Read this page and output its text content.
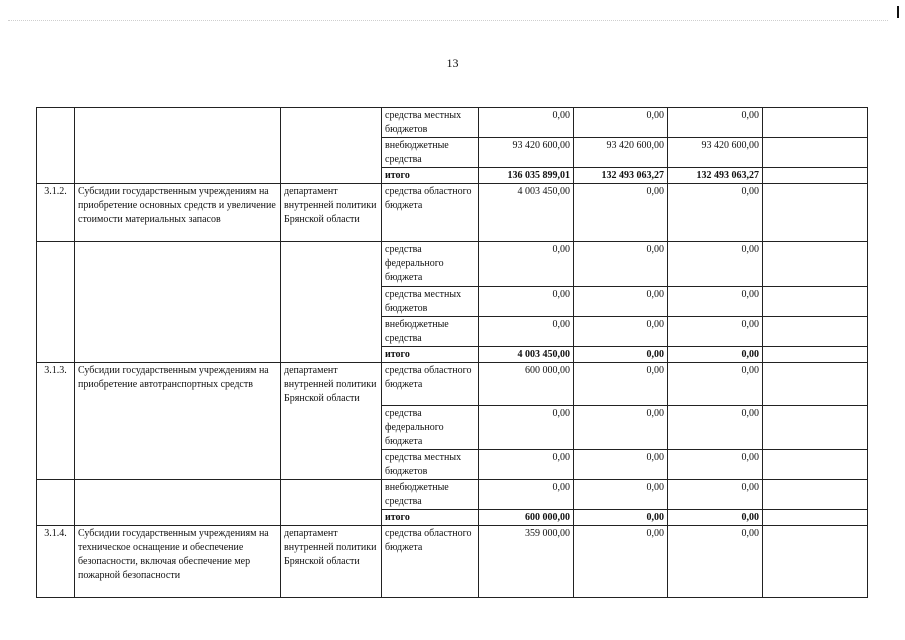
13
			средства местных бюджетов	0,00	0,00	0,00	
			внебюджетные средства	93 420 600,00	93 420 600,00	93 420 600,00	
			итого	136 035 899,01	132 493 063,27	132 493 063,27	
3.1.2.	Субсидии государственным учреждениям на приобретение основных средств и увеличение стоимости материальных запасов	департамент внутренней политики Брянской области	средства областного бюджета	4 003 450,00	0,00	0,00	
			средства федерального бюджета	0,00	0,00	0,00	
			средства местных бюджетов	0,00	0,00	0,00	
			внебюджетные средства	0,00	0,00	0,00	
			итого	4 003 450,00	0,00	0,00	
3.1.3.	Субсидии государственным учреждениям на приобретение автотранспортных средств	департамент внутренней политики Брянской области	средства областного бюджета	600 000,00	0,00	0,00	
			средства федерального бюджета	0,00	0,00	0,00	
			средства местных бюджетов	0,00	0,00	0,00	
			внебюджетные средства	0,00	0,00	0,00	
			итого	600 000,00	0,00	0,00	
3.1.4.	Субсидии государственным учреждениям на техническое оснащение и обеспечение безопасности, включая обеспечение мер пожарной безопасности	департамент внутренней политики Брянской области	средства областного бюджета	359 000,00	0,00	0,00	
